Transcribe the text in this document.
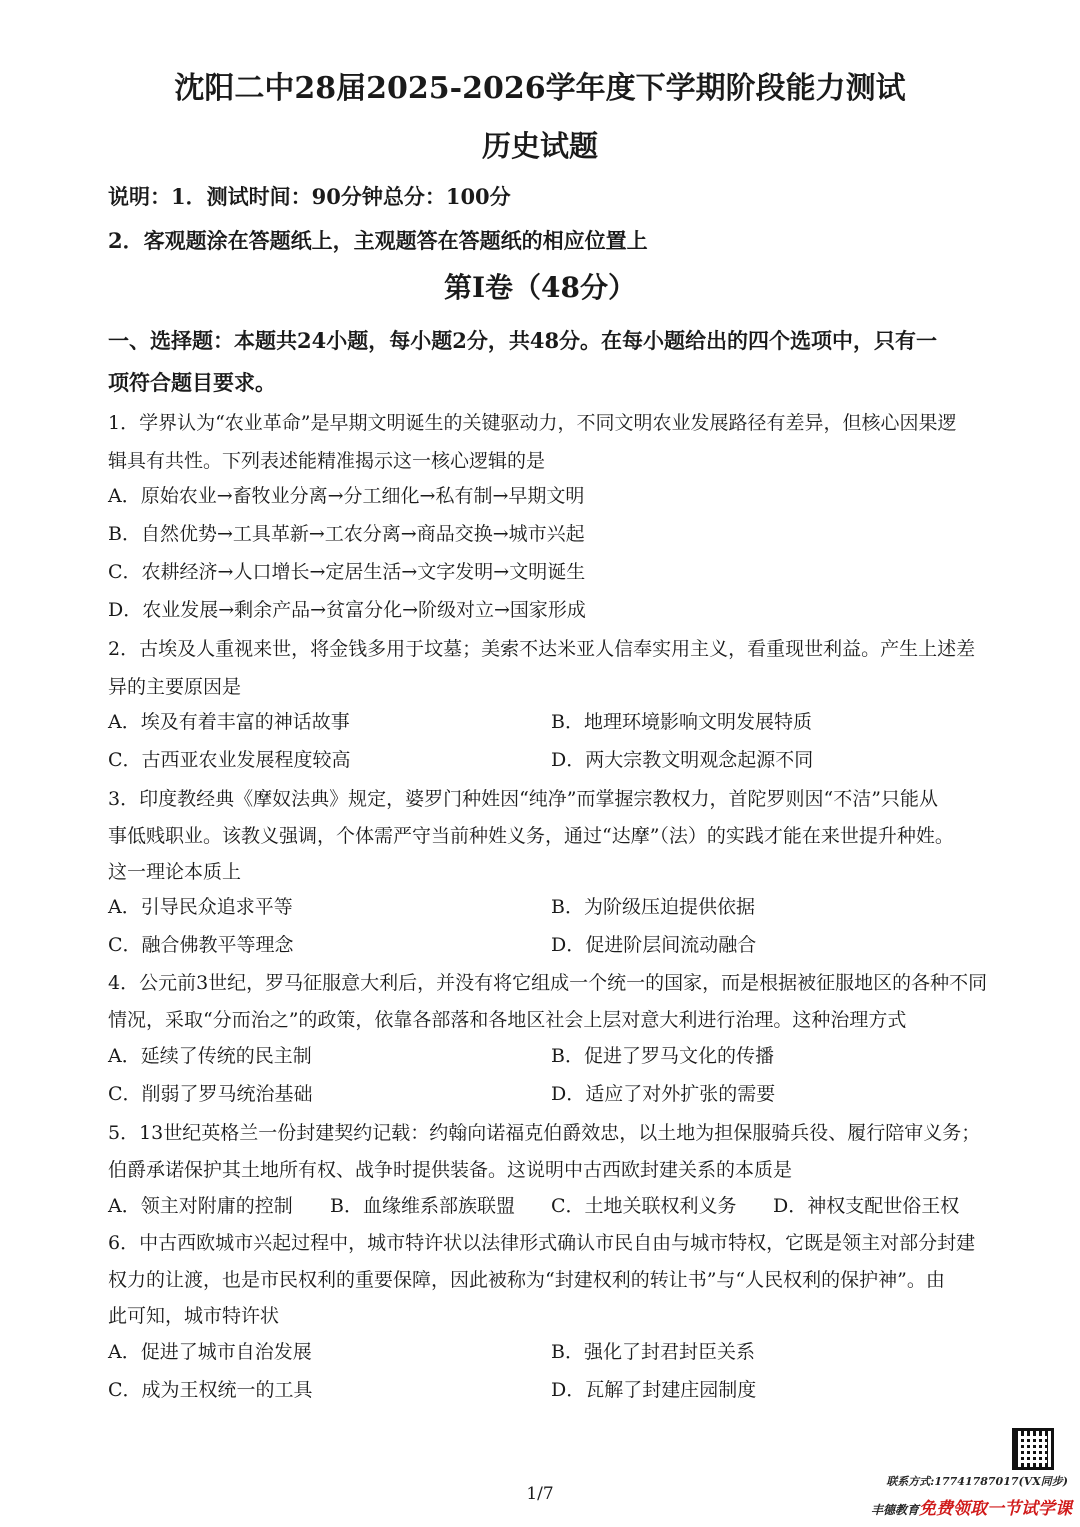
沈阳二中28届2025-2026学年度下学期阶段能力测试
历史试题
说明：1．测试时间：90分钟总分：100分
2．客观题涂在答题纸上，主观题答在答题纸的相应位置上
第Ⅰ卷（48分）
一、选择题：本题共24小题，每小题2分，共48分。在每小题给出的四个选项中，只有一
项符合题目要求。
1．学界认为“农业革命”是早期文明诞生的关键驱动力，不同文明农业发展路径有差异，但核心因果逻
辑具有共性。下列表述能精准揭示这一核心逻辑的是
A．原始农业→畜牧业分离→分工细化→私有制→早期文明
B．自然优势→工具革新→工农分离→商品交换→城市兴起
C．农耕经济→人口增长→定居生活→文字发明→文明诞生
D．农业发展→剩余产品→贫富分化→阶级对立→国家形成
2．古埃及人重视来世，将金钱多用于坟墓；美索不达米亚人信奉实用主义，看重现世利益。产生上述差
异的主要原因是
A．埃及有着丰富的神话故事	B．地理环境影响文明发展特质
C．古西亚农业发展程度较高	D．两大宗教文明观念起源不同
3．印度教经典《摩奴法典》规定，婆罗门种姓因“纯净”而掌握宗教权力，首陀罗则因“不洁”只能从
事低贱职业。该教义强调，个体需严守当前种姓义务，通过“达摩”（法）的实践才能在来世提升种姓。
这一理论本质上
A．引导民众追求平等	B．为阶级压迫提供依据
C．融合佛教平等理念	D．促进阶层间流动融合
4．公元前3世纪，罗马征服意大利后，并没有将它组成一个统一的国家，而是根据被征服地区的各种不同
情况，采取“分而治之”的政策，依靠各部落和各地区社会上层对意大利进行治理。这种治理方式
A．延续了传统的民主制	B．促进了罗马文化的传播
C．削弱了罗马统治基础	D．适应了对外扩张的需要
5．13世纪英格兰一份封建契约记载：约翰向诺福克伯爵效忠，以土地为担保服骑兵役、履行陪审义务；
伯爵承诺保护其土地所有权、战争时提供装备。这说明中古西欧封建关系的本质是
A．领主对附庸的控制 B．血缘维系部族联盟 C．土地关联权利义务 D．神权支配世俗王权
6．中古西欧城市兴起过程中，城市特许状以法律形式确认市民自由与城市特权，它既是领主对部分封建
权力的让渡，也是市民权利的重要保障，因此被称为“封建权利的转让书”与“人民权利的保护神”。由
此可知，城市特许状
A．促进了城市自治发展	B．强化了封君封臣关系
C．成为王权统一的工具	D．瓦解了封建庄园制度
联系方式:17741787017(VX同步)
1/7
丰德教育免费领取一节试学课
